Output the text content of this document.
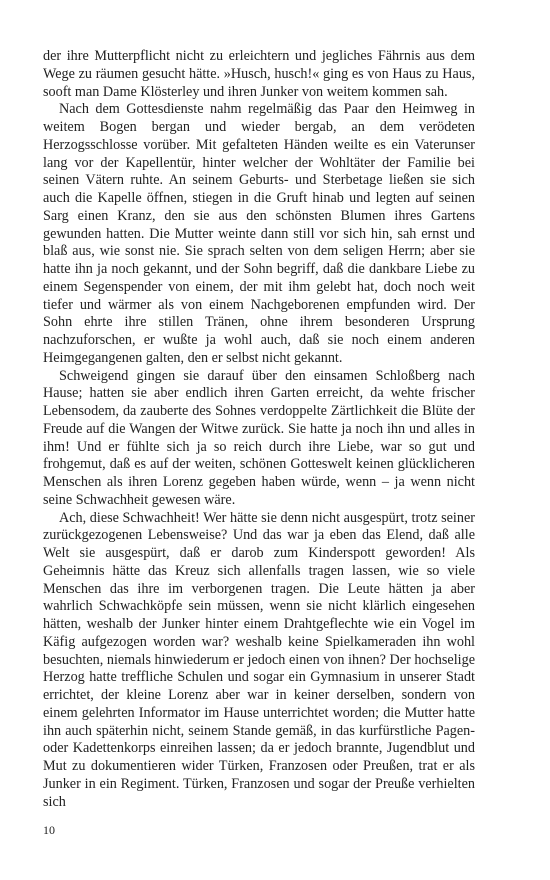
der ihre Mutterpflicht nicht zu erleichtern und jegliches Fährnis aus dem Wege zu räumen gesucht hätte. »Husch, husch!« ging es von Haus zu Haus, sooft man Dame Klösterley und ihren Junker von weitem kommen sah.

Nach dem Gottesdienste nahm regelmäßig das Paar den Heimweg in weitem Bogen bergan und wieder bergab, an dem verödeten Herzogsschlosse vorüber. Mit gefalteten Händen weilte es ein Vaterunser lang vor der Kapellentür, hinter welcher der Wohltäter der Familie bei seinen Vätern ruhte. An seinem Geburts- und Sterbetage ließen sie sich auch die Kapelle öffnen, stiegen in die Gruft hinab und legten auf seinen Sarg einen Kranz, den sie aus den schönsten Blumen ihres Gartens gewunden hatten. Die Mutter weinte dann still vor sich hin, sah ernst und blaß aus, wie sonst nie. Sie sprach selten von dem seligen Herrn; aber sie hatte ihn ja noch gekannt, und der Sohn begriff, daß die dankbare Liebe zu einem Segenspender von einem, der mit ihm gelebt hat, doch noch weit tiefer und wärmer als von einem Nachgeborenen empfunden wird. Der Sohn ehrte ihre stillen Tränen, ohne ihrem besonderen Ursprung nachzuforschen, er wußte ja wohl auch, daß sie noch einem anderen Heimgegangenen galten, den er selbst nicht gekannt.

Schweigend gingen sie darauf über den einsamen Schloßberg nach Hause; hatten sie aber endlich ihren Garten erreicht, da wehte frischer Lebensodem, da zauberte des Sohnes verdoppelte Zärtlichkeit die Blüte der Freude auf die Wangen der Witwe zurück. Sie hatte ja noch ihn und alles in ihm! Und er fühlte sich ja so reich durch ihre Liebe, war so gut und frohgemut, daß es auf der weiten, schönen Gotteswelt keinen glücklicheren Menschen als ihren Lorenz gegeben haben würde, wenn – ja wenn nicht seine Schwachheit gewesen wäre.

Ach, diese Schwachheit! Wer hätte sie denn nicht ausgespürt, trotz seiner zurückgezogenen Lebensweise? Und das war ja eben das Elend, daß alle Welt sie ausgespürt, daß er darob zum Kinderspott geworden! Als Geheimnis hätte das Kreuz sich allenfalls tragen lassen, wie so viele Menschen das ihre im verborgenen tragen. Die Leute hätten ja aber wahrlich Schwachköpfe sein müssen, wenn sie nicht klärlich eingesehen hätten, weshalb der Junker hinter einem Drahtgeflechte wie ein Vogel im Käfig aufgezogen worden war? weshalb keine Spielkameraden ihn wohl besuchten, niemals hinwiederum er jedoch einen von ihnen? Der hochselige Herzog hatte treffliche Schulen und sogar ein Gymnasium in unserer Stadt errichtet, der kleine Lorenz aber war in keiner derselben, sondern von einem gelehrten Informator im Hause unterrichtet worden; die Mutter hatte ihn auch späterhin nicht, seinem Stande gemäß, in das kurfürstliche Pagen- oder Kadettenkorps einreihen lassen; da er jedoch brannte, Jugendblut und Mut zu dokumentieren wider Türken, Franzosen oder Preußen, trat er als Junker in ein Regiment. Türken, Franzosen und sogar der Preuße verhielten sich

10
